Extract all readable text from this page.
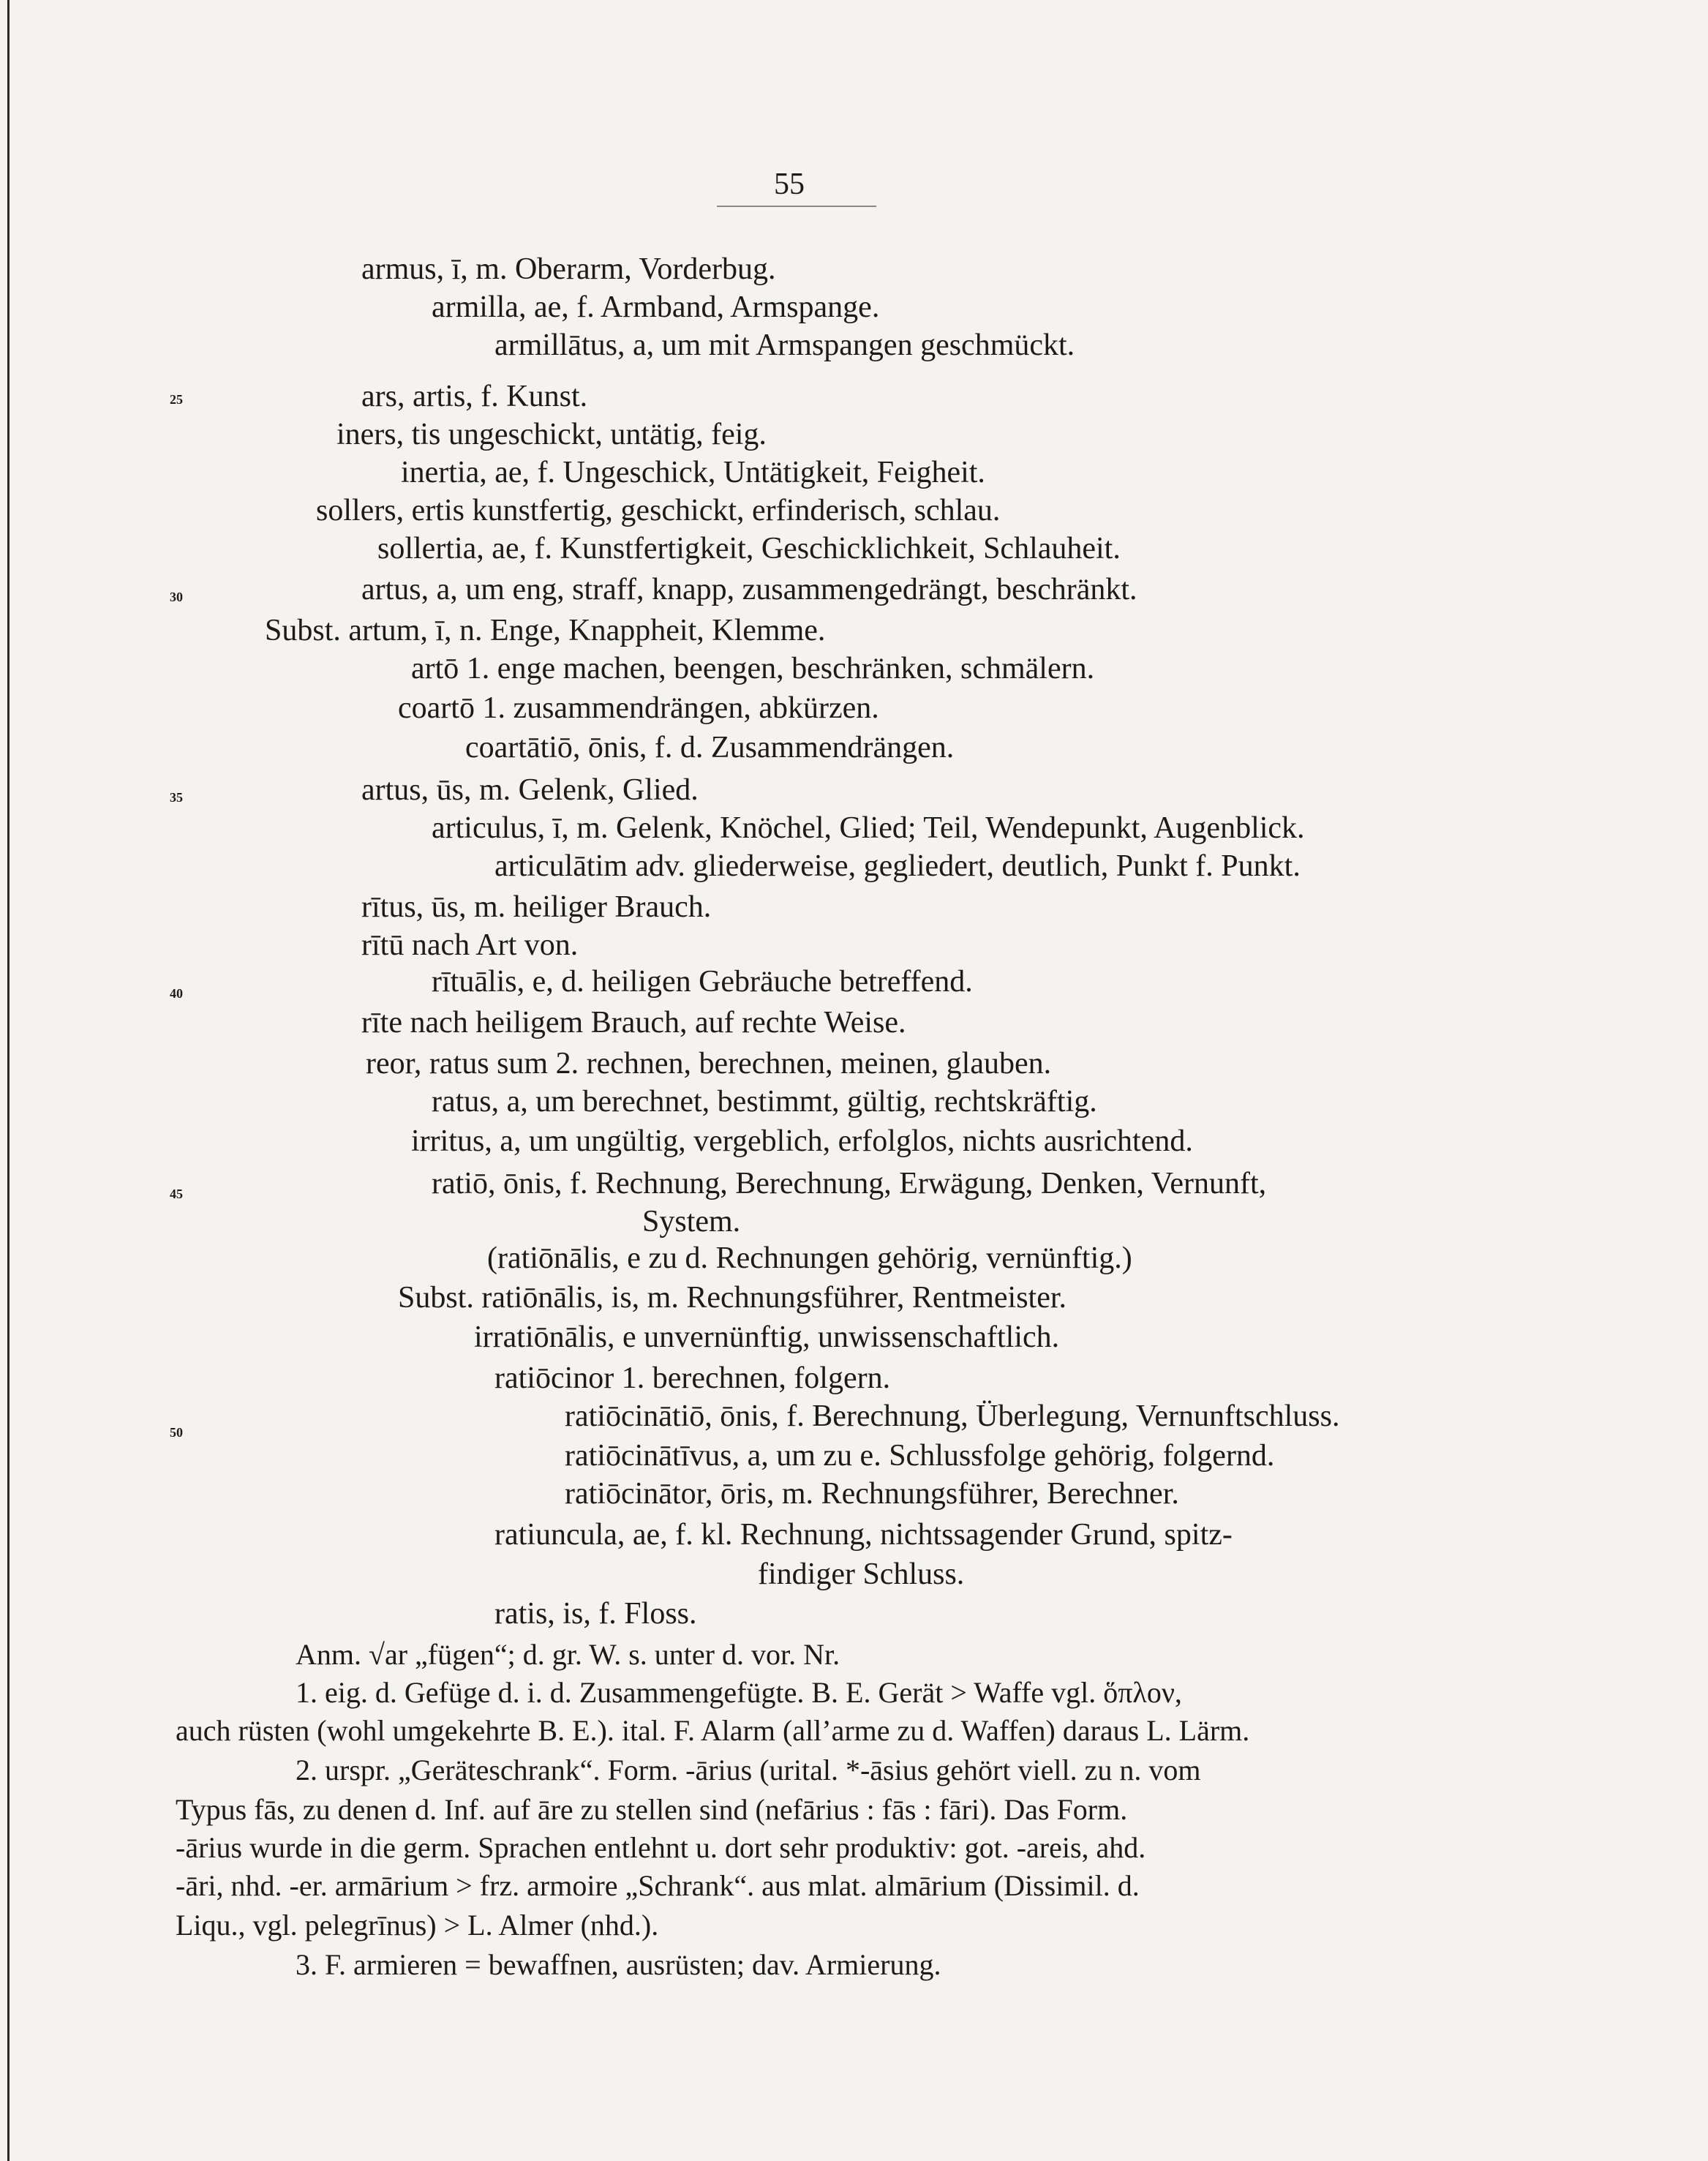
55
25
30
35
40
45
50
armus, ī, m. Oberarm, Vorderbug.
armilla, ae, f. Armband, Armspange.
armillātus, a, um mit Armspangen geschmückt.
ars, artis, f. Kunst.
iners, tis ungeschickt, untätig, feig.
inertia, ae, f. Ungeschick, Untätigkeit, Feigheit.
sollers, ertis kunstfertig, geschickt, erfinderisch, schlau.
sollertia, ae, f. Kunstfertigkeit, Geschicklichkeit, Schlauheit.
artus, a, um eng, straff, knapp, zusammengedrängt, beschränkt.
Subst. artum, ī, n. Enge, Knappheit, Klemme.
artō 1. enge machen, beengen, beschränken, schmälern.
coartō 1. zusammendrängen, abkürzen.
coartātiō, ōnis, f. d. Zusammendrängen.
artus, ūs, m. Gelenk, Glied.
articulus, ī, m. Gelenk, Knöchel, Glied; Teil, Wendepunkt, Augenblick.
articulātim adv. gliederweise, gegliedert, deutlich, Punkt f. Punkt.
rītus, ūs, m. heiliger Brauch.
rītū nach Art von.
rītuālis, e, d. heiligen Gebräuche betreffend.
rīte nach heiligem Brauch, auf rechte Weise.
reor, ratus sum 2. rechnen, berechnen, meinen, glauben.
ratus, a, um berechnet, bestimmt, gültig, rechtskräftig.
irritus, a, um ungültig, vergeblich, erfolglos, nichts ausrichtend.
ratiō, ōnis, f. Rechnung, Berechnung, Erwägung, Denken, Vernunft,
System.
(ratiōnālis, e zu d. Rechnungen gehörig, vernünftig.)
Subst. ratiōnālis, is, m. Rechnungsführer, Rentmeister.
irratiōnālis, e unvernünftig, unwissenschaftlich.
ratiōcinor 1. berechnen, folgern.
ratiōcinātiō, ōnis, f. Berechnung, Überlegung, Vernunftschluss.
ratiōcinātīvus, a, um zu e. Schlussfolge gehörig, folgernd.
ratiōcinātor, ōris, m. Rechnungsführer, Berechner.
ratiuncula, ae, f. kl. Rechnung, nichtssagender Grund, spitz-
findiger Schluss.
ratis, is, f. Floss.
Anm. √ar „fügen“; d. gr. W. s. unter d. vor. Nr.
1. eig. d. Gefüge d. i. d. Zusammengefügte. B. E. Gerät > Waffe vgl. ὅπλον,
auch rüsten (wohl umgekehrte B. E.). ital. F. Alarm (all’arme zu d. Waffen) daraus L. Lärm.
2. urspr. „Geräteschrank“. Form. -ārius (urital. *-āsius gehört viell. zu n. vom
Typus fās, zu denen d. Inf. auf āre zu stellen sind (nefārius : fās : fāri). Das Form.
-ārius wurde in die germ. Sprachen entlehnt u. dort sehr produktiv: got. -areis, ahd.
-āri, nhd. -er. armārium > frz. armoire „Schrank“. aus mlat. almārium (Dissimil. d.
Liqu., vgl. pelegrīnus) > L. Almer (nhd.).
3. F. armieren = bewaffnen, ausrüsten; dav. Armierung.
